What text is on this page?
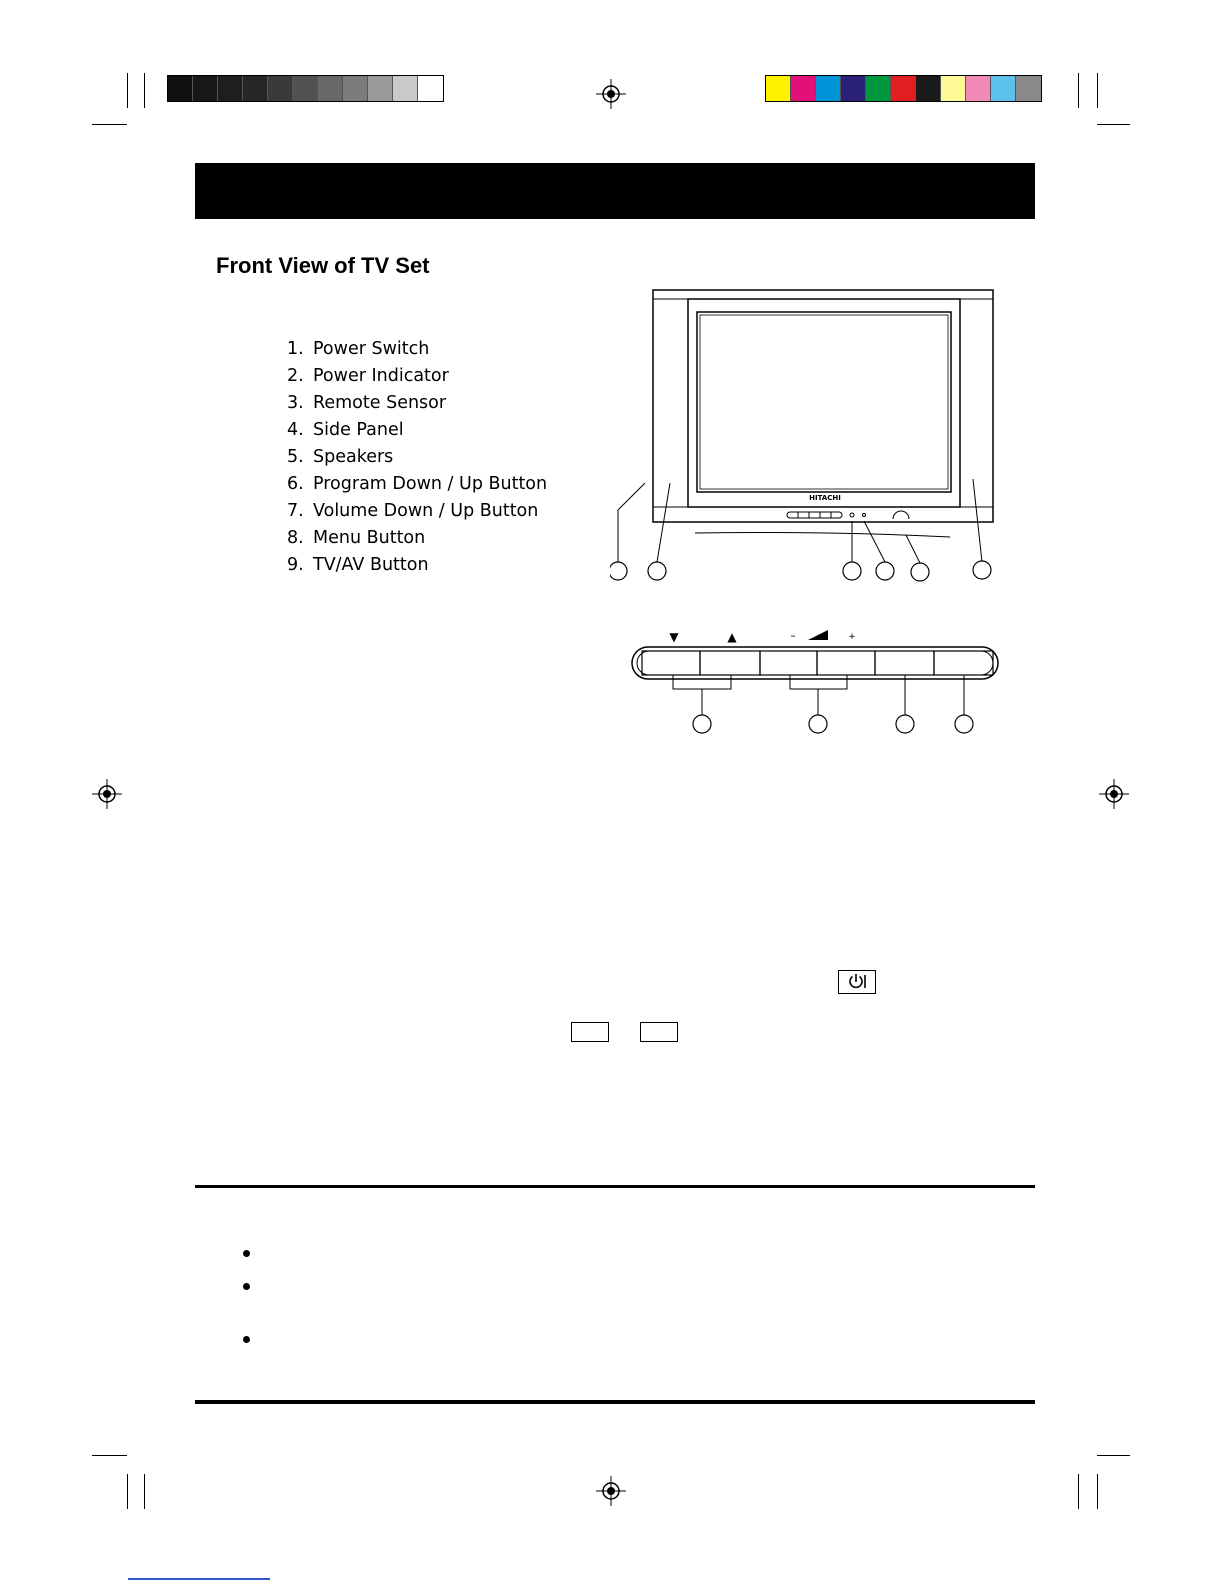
Front View of TV Set
1. Power Switch
2. Power Indicator
3. Remote Sensor
4. Side Panel
5. Speakers
6. Program Down / Up Button
7. Volume Down / Up Button
8. Menu Button
9. TV/AV Button
HITACHI
▼	▲	–	+
